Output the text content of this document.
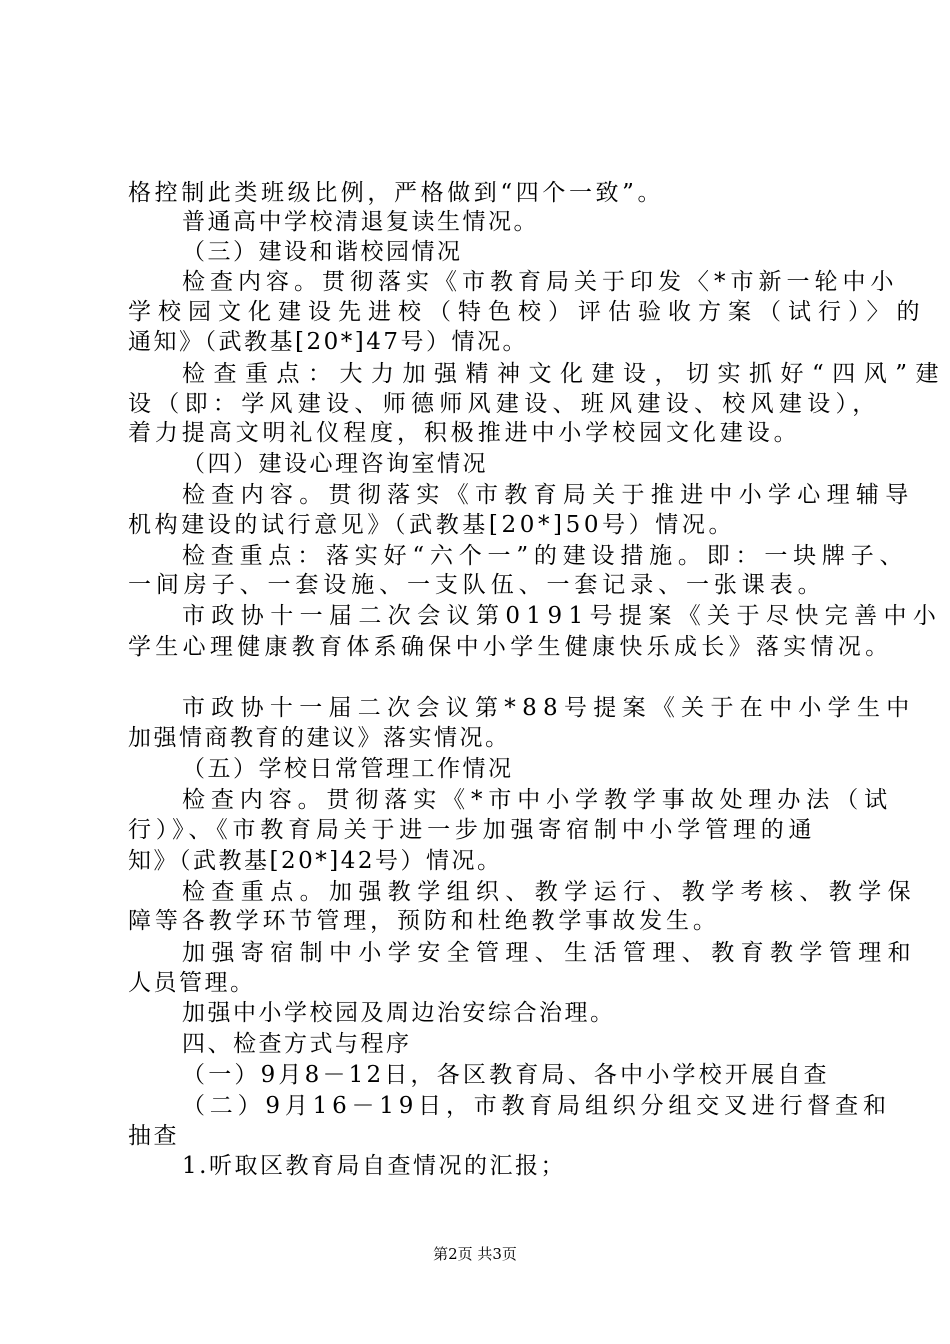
格控制此类班级比例，严格做到“四个一致”。
普通高中学校清退复读生情况。
（三）建设和谐校园情况
检查内容。贯彻落实《市教育局关于印发〈*市新一轮中小
学校园文化建设先进校（特色校）评估验收方案（试行）〉的
通知》（武教基[20*]47号）情况。
检查重点：大力加强精神文化建设，切实抓好“四风”建
设（即：学风建设、师德师风建设、班风建设、校风建设），
着力提高文明礼仪程度，积极推进中小学校园文化建设。
（四）建设心理咨询室情况
检查内容。贯彻落实《市教育局关于推进中小学心理辅导
机构建设的试行意见》（武教基[20*]50号）情况。
检查重点：落实好“六个一”的建设措施。即：一块牌子、
一间房子、一套设施、一支队伍、一套记录、一张课表。
市政协十一届二次会议第0191号提案《关于尽快完善中小
学生心理健康教育体系确保中小学生健康快乐成长》落实情况。
市政协十一届二次会议第*88号提案《关于在中小学生中
加强情商教育的建议》落实情况。
（五）学校日常管理工作情况
检查内容。贯彻落实《*市中小学教学事故处理办法（试
行）》、《市教育局关于进一步加强寄宿制中小学管理的通
知》（武教基[20*]42号）情况。
检查重点。加强教学组织、教学运行、教学考核、教学保
障等各教学环节管理，预防和杜绝教学事故发生。
加强寄宿制中小学安全管理、生活管理、教育教学管理和
人员管理。
加强中小学校园及周边治安综合治理。
四、检查方式与程序
（一）9月8－12日，各区教育局、各中小学校开展自查
（二）9月16－19日，市教育局组织分组交叉进行督查和
抽查
1.听取区教育局自查情况的汇报；
第2页 共3页
